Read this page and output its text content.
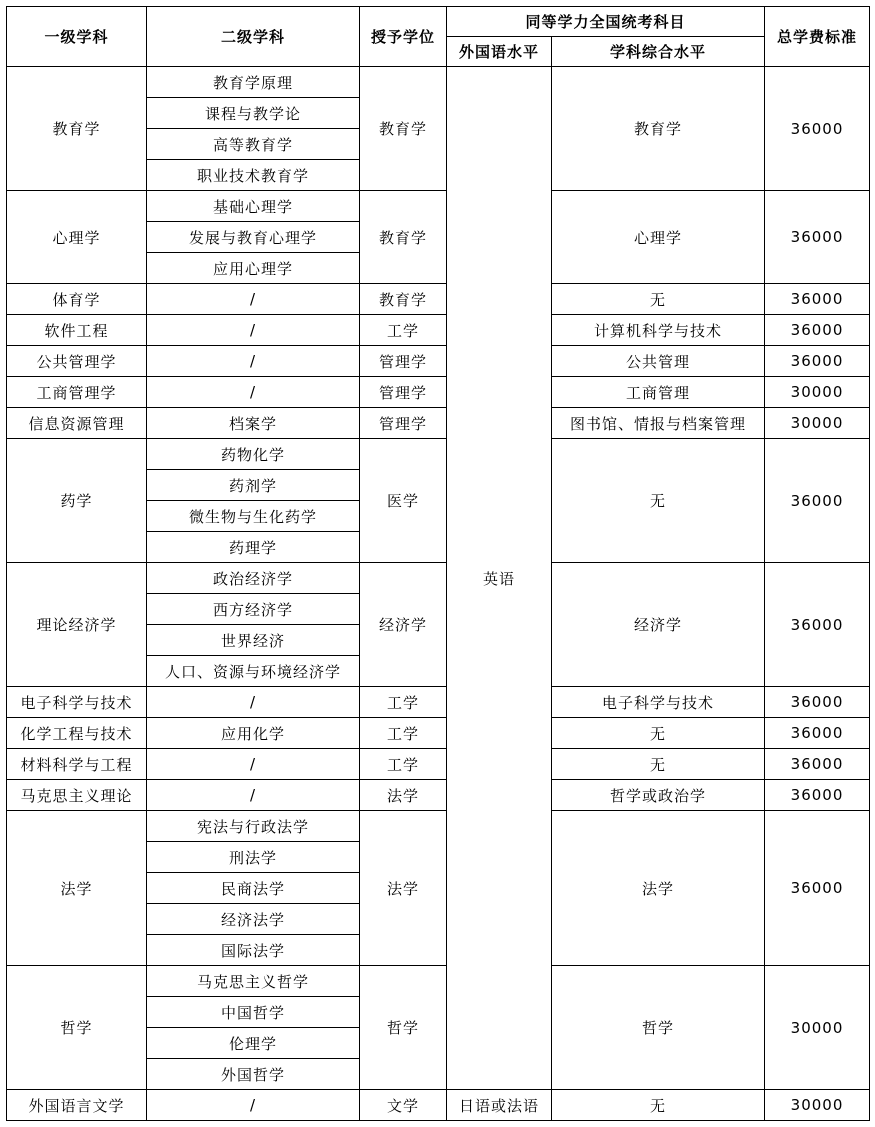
一级学科	二级学科	授予学位	同等学力全国统考科目		总学费标准
			外国语水平	学科综合水平	
教育学	教育学原理	教育学	英语	教育学	36000
	课程与教学论				
	高等教育学				
	职业技术教育学				
心理学	基础心理学	教育学		心理学	36000
	发展与教育心理学				
	应用心理学				
体育学	/	教育学		无	36000
软件工程	/	工学		计算机科学与技术	36000
公共管理学	/	管理学		公共管理	36000
工商管理学	/	管理学		工商管理	30000
信息资源管理	档案学	管理学		图书馆、情报与档案管理	30000
药学	药物化学	医学		无	36000
	药剂学				
	微生物与生化药学				
	药理学				
理论经济学	政治经济学	经济学		经济学	36000
	西方经济学				
	世界经济				
	人口、资源与环境经济学				
电子科学与技术	/	工学		电子科学与技术	36000
化学工程与技术	应用化学	工学		无	36000
材料科学与工程	/	工学		无	36000
马克思主义理论	/	法学		哲学或政治学	36000
法学	宪法与行政法学	法学		法学	36000
	刑法学				
	民商法学				
	经济法学				
	国际法学				
哲学	马克思主义哲学	哲学		哲学	30000
	中国哲学				
	伦理学				
	外国哲学				
外国语言文学	/	文学	日语或法语	无	30000
